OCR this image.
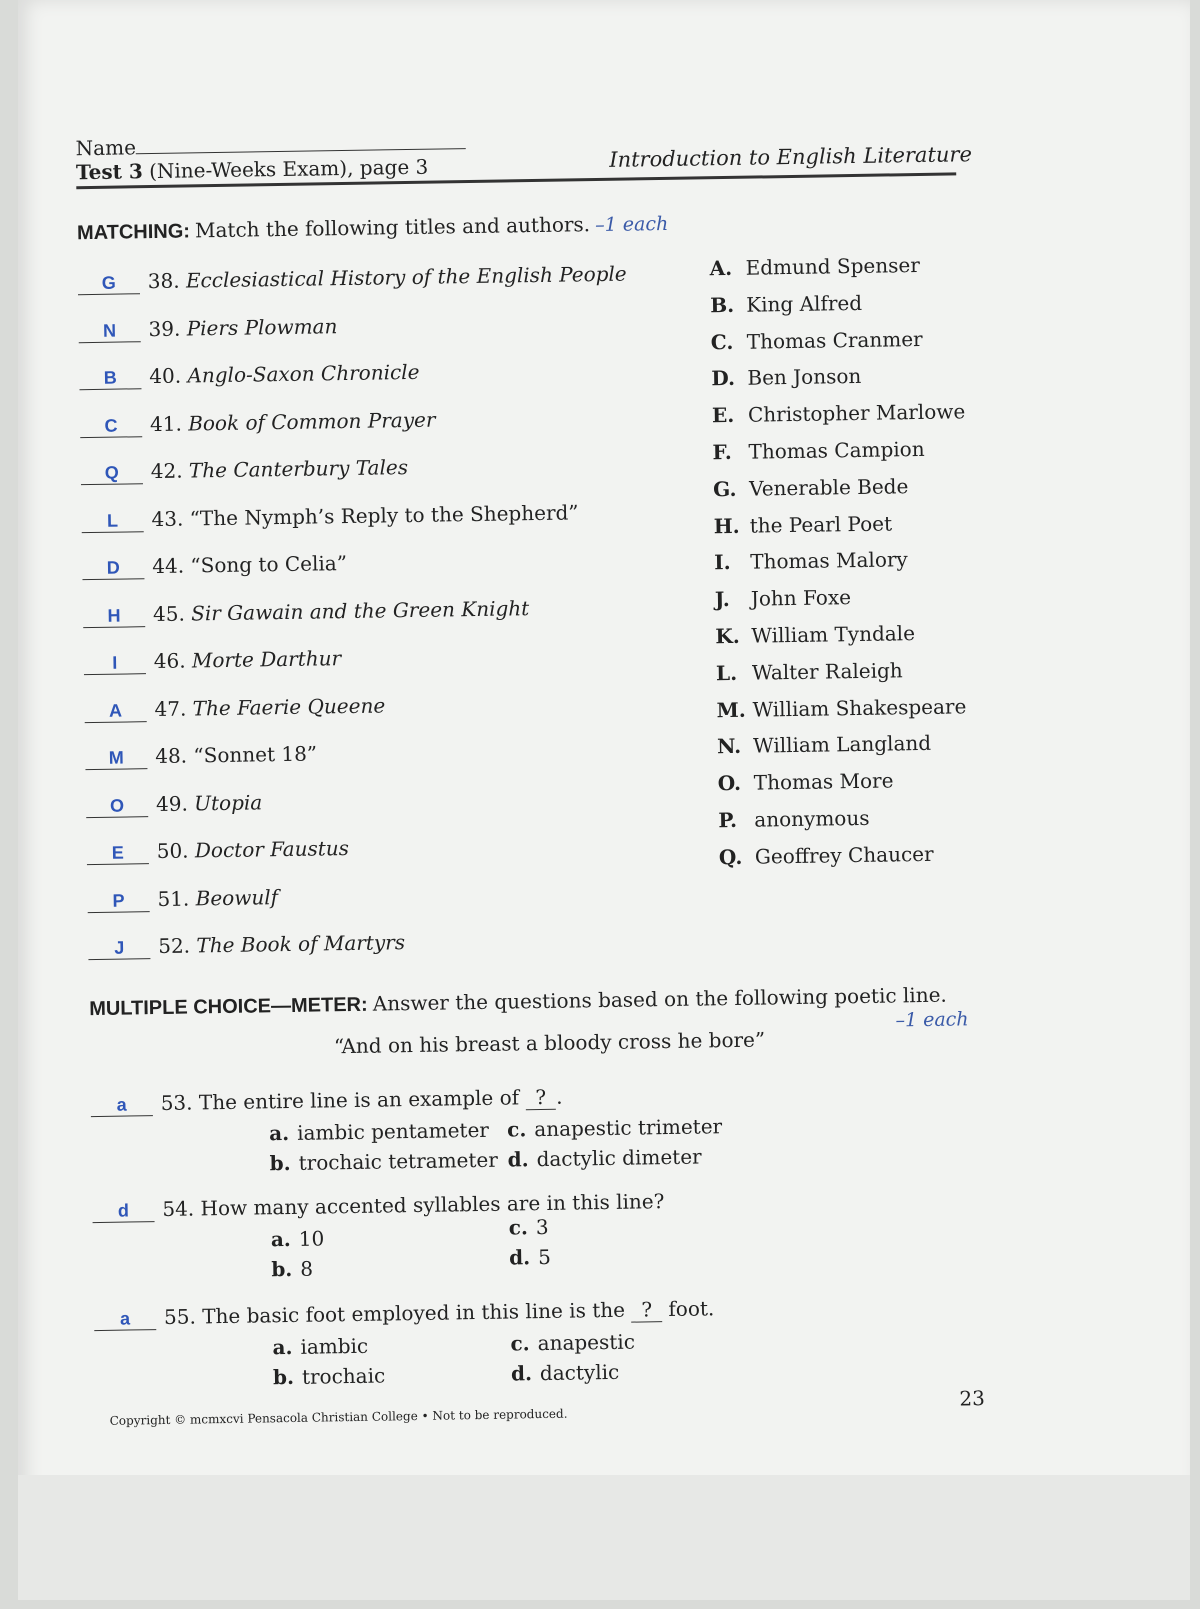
Name
Test 3 (Nine-Weeks Exam), page 3	Introduction to English Literature
MATCHING: Match the following titles and authors. –1 each
G 38. Ecclesiastical History of the English People
N 39. Piers Plowman
B 40. Anglo-Saxon Chronicle
C 41. Book of Common Prayer
Q 42. The Canterbury Tales
L 43. “The Nymph’s Reply to the Shepherd”
D 44. “Song to Celia”
H 45. Sir Gawain and the Green Knight
I 46. Morte Darthur
A 47. The Faerie Queene
M 48. “Sonnet 18”
O 49. Utopia
E 50. Doctor Faustus
P 51. Beowulf
J 52. The Book of Martyrs
A. Edmund Spenser
B. King Alfred
C. Thomas Cranmer
D. Ben Jonson
E. Christopher Marlowe
F. Thomas Campion
G. Venerable Bede
H. the Pearl Poet
I. Thomas Malory
J. John Foxe
K. William Tyndale
L. Walter Raleigh
M. William Shakespeare
N. William Langland
O. Thomas More
P. anonymous
Q. Geoffrey Chaucer
MULTIPLE CHOICE—METER: Answer the questions based on the following poetic line.
–1 each
“And on his breast a bloody cross he bore”
a 53. The entire line is an example of ? .
a. iambic pentameter
b. trochaic tetrameter
c. anapestic trimeter
d. dactylic dimeter
d 54. How many accented syllables are in this line?
a. 10
b. 8
c. 3
d. 5
a 55. The basic foot employed in this line is the ? foot.
a. iambic
b. trochaic
c. anapestic
d. dactylic
Copyright © mcmxcvi Pensacola Christian College • Not to be reproduced.
23
